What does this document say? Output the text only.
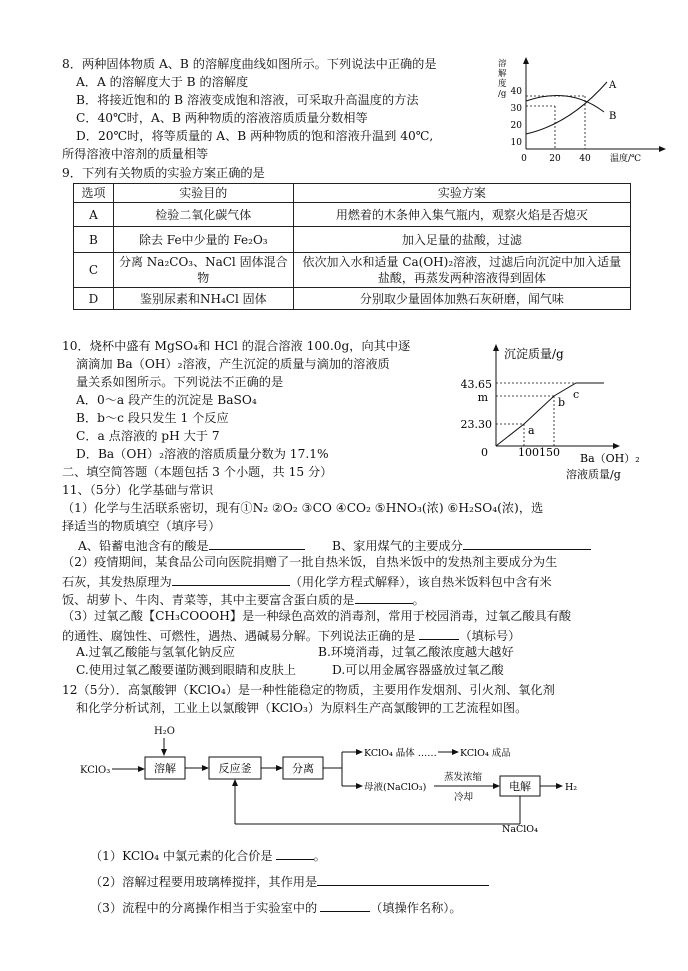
8．两种固体物质 A、B 的溶解度曲线如图所示。下列说法中正确的是
A．A 的溶解度大于 B 的溶解度
B．将接近饱和的 B 溶液变成饱和溶液，可采取升高温度的方法
C．40℃时，A、B 两种物质的溶液溶质质量分数相等
D．20℃时，将等质量的 A、B 两种物质的饱和溶液升温到 40℃,
所得溶液中溶剂的质量相等
溶
解
度
/g 40
30
20
10
0 20 40 温度/℃
A
B
9．下列有关物质的实验方案正确的是
选项	实验目的	实验方案
A	检验二氧化碳气体	用燃着的木条伸入集气瓶内，观察火焰是否熄灭
B	除去 Fe中少量的 Fe₂O₃	加入足量的盐酸，过滤
C	分离 Na₂CO₃、NaCl 固体混合物	依次加入水和适量 Ca(OH)₂溶液，过滤后向沉淀中加入适量盐酸，再蒸发两种溶液得到固体
D	鉴别尿素和NH₄Cl 固体	分别取少量固体加熟石灰研磨，闻气味
10．烧杯中盛有 MgSO₄和 HCl 的混合溶液 100.0g，向其中逐
滴滴加 Ba（OH）₂溶液，产生沉淀的质量与滴加的溶液质
量关系如图所示。下列说法不正确的是
A．0～a 段产生的沉淀是 BaSO₄
B．b～c 段只发生 1 个反应
C．a 点溶液的 pH 大于 7
D．Ba（OH）₂溶液的溶质质量分数为 17.1%
沉淀质量/g
43.65
m
23.30
0	100150
a
b
c
Ba（OH）₂
溶液质量/g
二、填空简答题（本题包括 3 个小题，共 15 分）
11、（5分）化学基础与常识
（1）化学与生活联系密切，现有①N₂ ②O₂ ③CO ④CO₂ ⑤HNO₃(浓) ⑥H₂SO₄(浓)，选
择适当的物质填空（填序号）
A、铅蓄电池含有的酸是	B、家用煤气的主要成分
（2）疫情期间，某食品公司向医院捐赠了一批自热米饭，自热米饭中的发热剂主要成分为生
石灰，其发热原理为	（用化学方程式解释），该自热米饭料包中含有米
饭、胡萝卜、牛肉、青菜等，其中主要富含蛋白质的是	。
（3）过氧乙酸【CH₃COOOH】是一种绿色高效的消毒剂，常用于校园消毒，过氧乙酸具有酸
的通性、腐蚀性、可燃性，遇热、遇碱易分解。下列说法正确的是	（填标号）
A.过氧乙酸能与氢氧化钠反应	B.环境消毒，过氧乙酸浓度越大越好
C.使用过氧乙酸要谨防溅到眼睛和皮肤上	D.可以用金属容器盛放过氧乙酸
12（5分）．高氯酸钾（KClO₄）是一种性能稳定的物质，主要用作发烟剂、引火剂、氧化剂
和化学分析试剂，工业上以氯酸钾（KClO₃）为原料生产高氯酸钾的工艺流程如图。
H₂O
KClO₃	溶解	反应釜	分离
KClO₄ 晶体 …… KClO₄ 成品
母液(NaClO₃)
蒸发浓缩
冷却
电解	H₂
NaClO₄
（1）KClO₄ 中氯元素的化合价是	。
（2）溶解过程要用玻璃棒搅拌，其作用是
（3）流程中的分离操作相当于实验室中的	（填操作名称）。
